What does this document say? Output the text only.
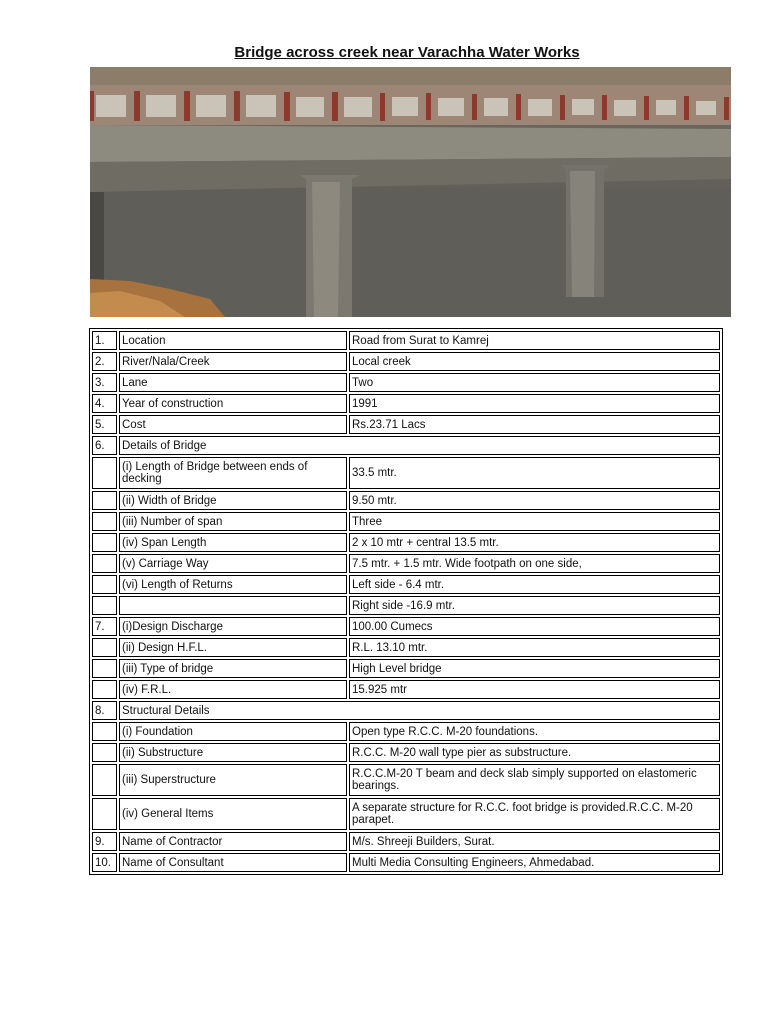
Bridge across creek near Varachha Water Works
1.	Location	Road from Surat to Kamrej
2.	River/Nala/Creek	Local creek
3.	Lane	Two
4.	Year of construction	1991
5.	Cost	Rs.23.71 Lacs
6.	Details of Bridge	
	(i) Length of Bridge between ends of decking	33.5 mtr.
	(ii) Width of Bridge	9.50 mtr.
	(iii) Number of span	Three
	(iv) Span Length	2 x 10 mtr + central 13.5 mtr.
	(v) Carriage Way	7.5 mtr. + 1.5 mtr. Wide footpath on one side,
	(vi) Length of Returns	Left side - 6.4 mtr.
		Right side -16.9 mtr.
7.	(i)Design Discharge	100.00 Cumecs
	(ii) Design H.F.L.	R.L. 13.10 mtr.
	(iii) Type of bridge	High Level bridge
	(iv) F.R.L.	15.925 mtr
8.	Structural Details	
	(i) Foundation	Open type R.C.C. M-20 foundations.
	(ii) Substructure	R.C.C. M-20 wall type pier as substructure.
	(iii) Superstructure	R.C.C.M-20 T beam and deck slab simply supported on elastomeric bearings.
	(iv) General Items	A separate structure for R.C.C. foot bridge is provided.R.C.C. M-20 parapet.
9.	Name of Contractor	M/s. Shreeji Builders, Surat.
10.	Name of Consultant	Multi Media Consulting Engineers, Ahmedabad.
